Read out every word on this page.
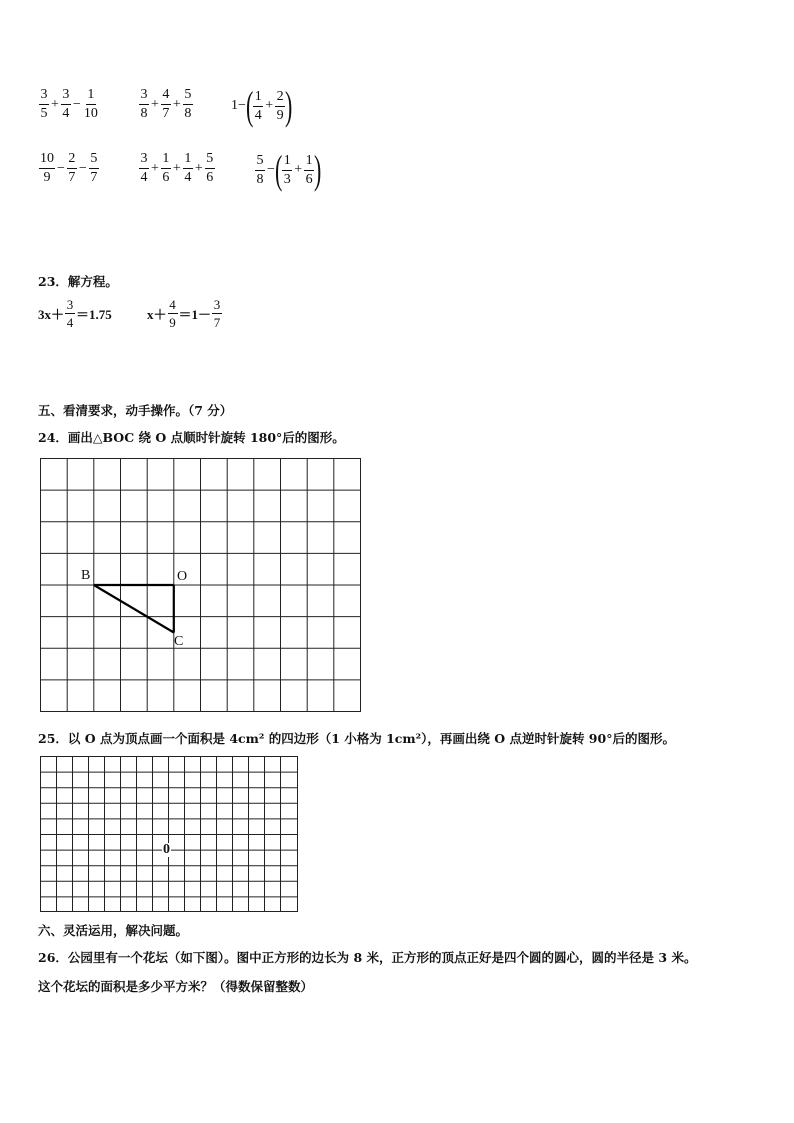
$\frac{3}{5} + \frac{3}{4} - \frac{1}{10}$	$\frac{3}{8} + \frac{4}{7} + \frac{5}{8}$	1− ( $\frac{1}{4} + \frac{2}{9}$ )
$\frac{10}{9} - \frac{2}{7} - \frac{5}{7}$	$\frac{3}{4} + \frac{1}{6} + \frac{1}{4} + \frac{5}{6}$	$\frac{5}{8}$ − ( $\frac{1}{3} + \frac{1}{6}$ )
23．解方程。
$3x+ \frac{3}{4} =1.75$	$x+ \frac{4}{9} =1- \frac{3}{7}$
五、看清要求，动手操作。（7 分）
24．画出△BOC 绕 O 点顺时针旋转 180°后的图形。
B	O
C
25．以 O 点为顶点画一个面积是 4cm² 的四边形（1 小格为 1cm²），再画出绕 O 点逆时针旋转 90°后的图形。
0
六、灵活运用，解决问题。
26．公园里有一个花坛（如下图）。图中正方形的边长为 8 米，正方形的顶点正好是四个圆的圆心，圆的半径是 3 米。
这个花坛的面积是多少平方米？（得数保留整数）
